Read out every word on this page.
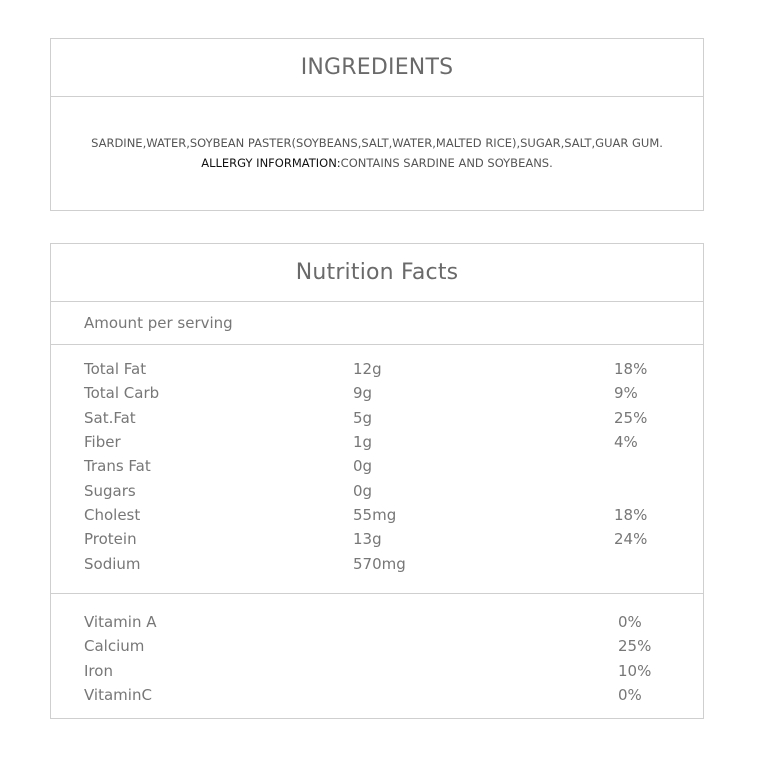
INGREDIENTS
SARDINE,WATER,SOYBEAN PASTER(SOYBEANS,SALT,WATER,MALTED RICE),SUGAR,SALT,GUAR GUM.
ALLERGY INFORMATION:CONTAINS SARDINE AND SOYBEANS.
Nutrition Facts
Amount per serving
Total Fat	12g	18%
Total Carb	9g	9%
Sat.Fat	5g	25%
Fiber	1g	4%
Trans Fat	0g
Sugars	0g
Cholest	55mg	18%
Protein	13g	24%
Sodium	570mg
Vitamin A	0%
Calcium	25%
Iron	10%
VitaminC	0%
